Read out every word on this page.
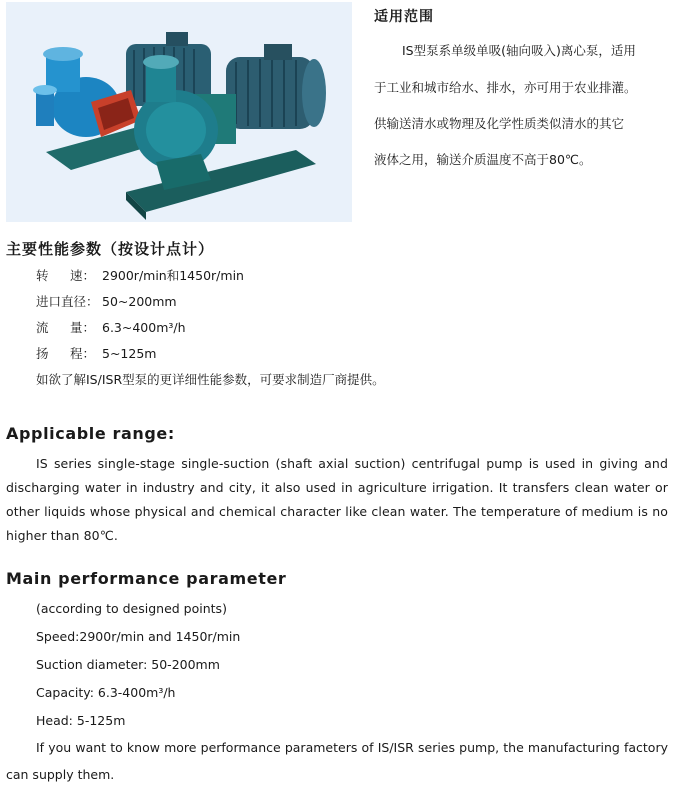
适用范围
IS型泵系单级单吸(轴向吸入)离心泵，适用
于工业和城市给水、排水，亦可用于农业排灌。
供输送清水或物理及化学性质类似清水的其它
液体之用，输送介质温度不高于80℃。
主要性能参数（按设计点计）
转 速： 2900r/min和1450r/min
进口直径： 50~200mm
流 量： 6.3~400m³/h
扬 程： 5~125m
如欲了解IS/ISR型泵的更详细性能参数，可要求制造厂商提供。
Applicable range:
IS series single-stage single-suction (shaft axial suction) centrifugal pump is used in giving and discharging water in industry and city, it also used in agriculture irrigation. It transfers clean water or other liquids whose physical and chemical character like clean water. The temperature of medium is no higher than 80℃.
Main performance parameter
(according to designed points)
Speed:2900r/min and 1450r/min
Suction diameter: 50-200mm
Capacity: 6.3-400m³/h
Head: 5-125m
If you want to know more performance parameters of IS/ISR series pump, the manufacturing factory can supply them.
